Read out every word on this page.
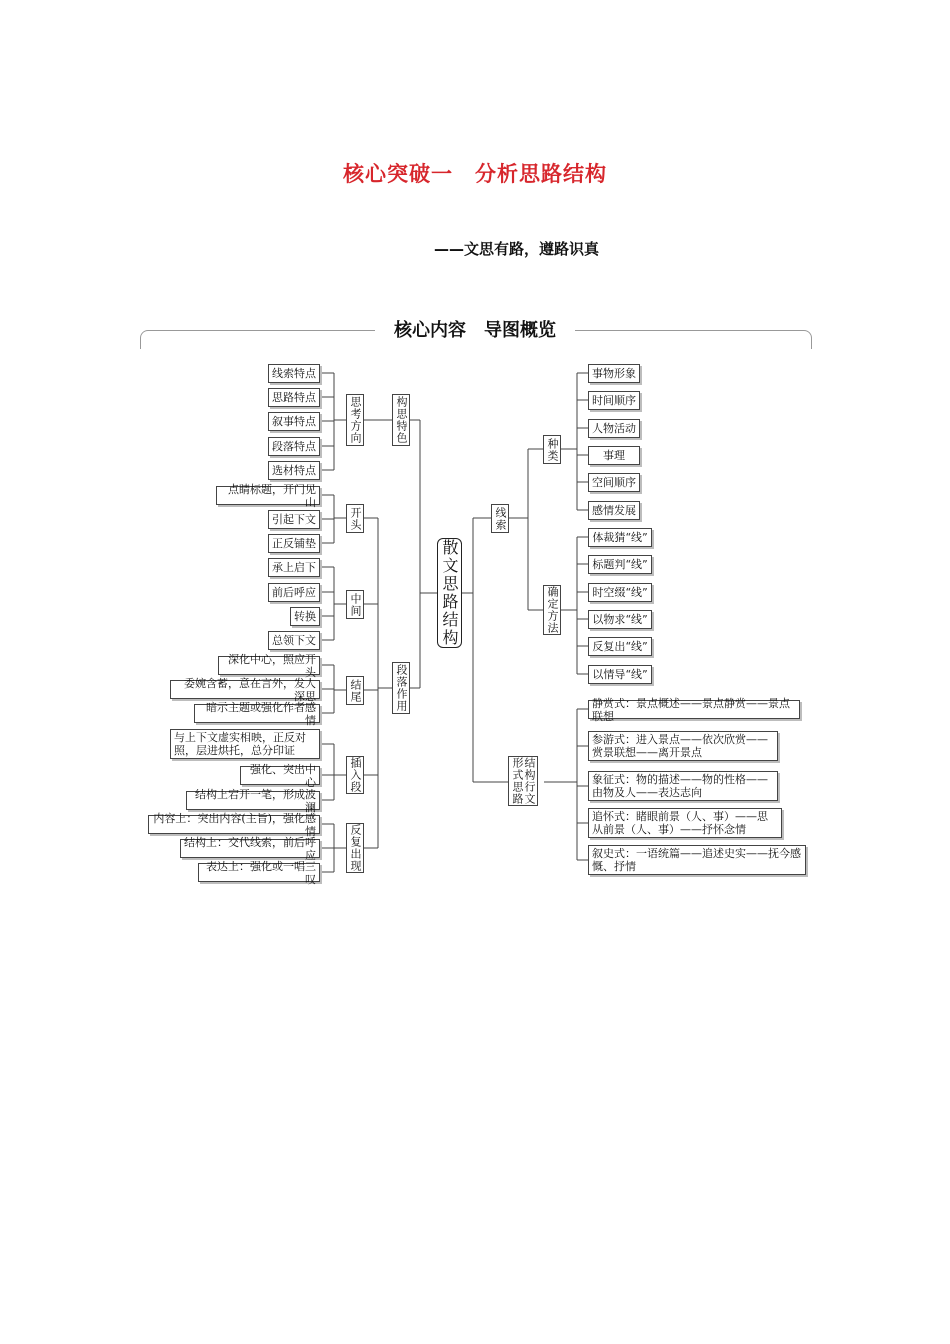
核心突破一　分析思路结构
——文思有路，遵路识真
核心内容　导图概览
散文思路结构
构思特色
思考方向
线索特点
思路特点
叙事特点
段落特点
选材特点
段落作用
开头
点睛标题，开门见山
引起下文
正反铺垫
中间
承上启下
前后呼应
转换
总领下文
结尾
深化中心，照应开头
委婉含蓄，意在言外，发人深思
暗示主题或强化作者感情
插入段
与上下文虚实相映，正反对照，层进烘托，总分印证
强化、突出中心
结构上宕开一笔，形成波澜
反复出现
内容上：突出内容(主旨)，强化感情
结构上：交代线索，前后呼应
表达上：强化或一唱三叹
线索
种类
事物形象
时间顺序
人物活动
事理
空间顺序
感情发展
确定方法
体裁猜“线”
标题判“线”
时空缀“线”
以物求“线”
反复出“线”
以情导“线”
结构形式
行文思路
静赏式：景点概述——景点静赏——景点联想
参游式：进入景点——依次欣赏——赏景联想——离开景点
象征式：物的描述——物的性格——由物及人——表达志向
追怀式：睹眼前景（人、事）——思从前景（人、事）——抒怀念情
叙史式：一语统篇——追述史实——抚今感慨、抒情
